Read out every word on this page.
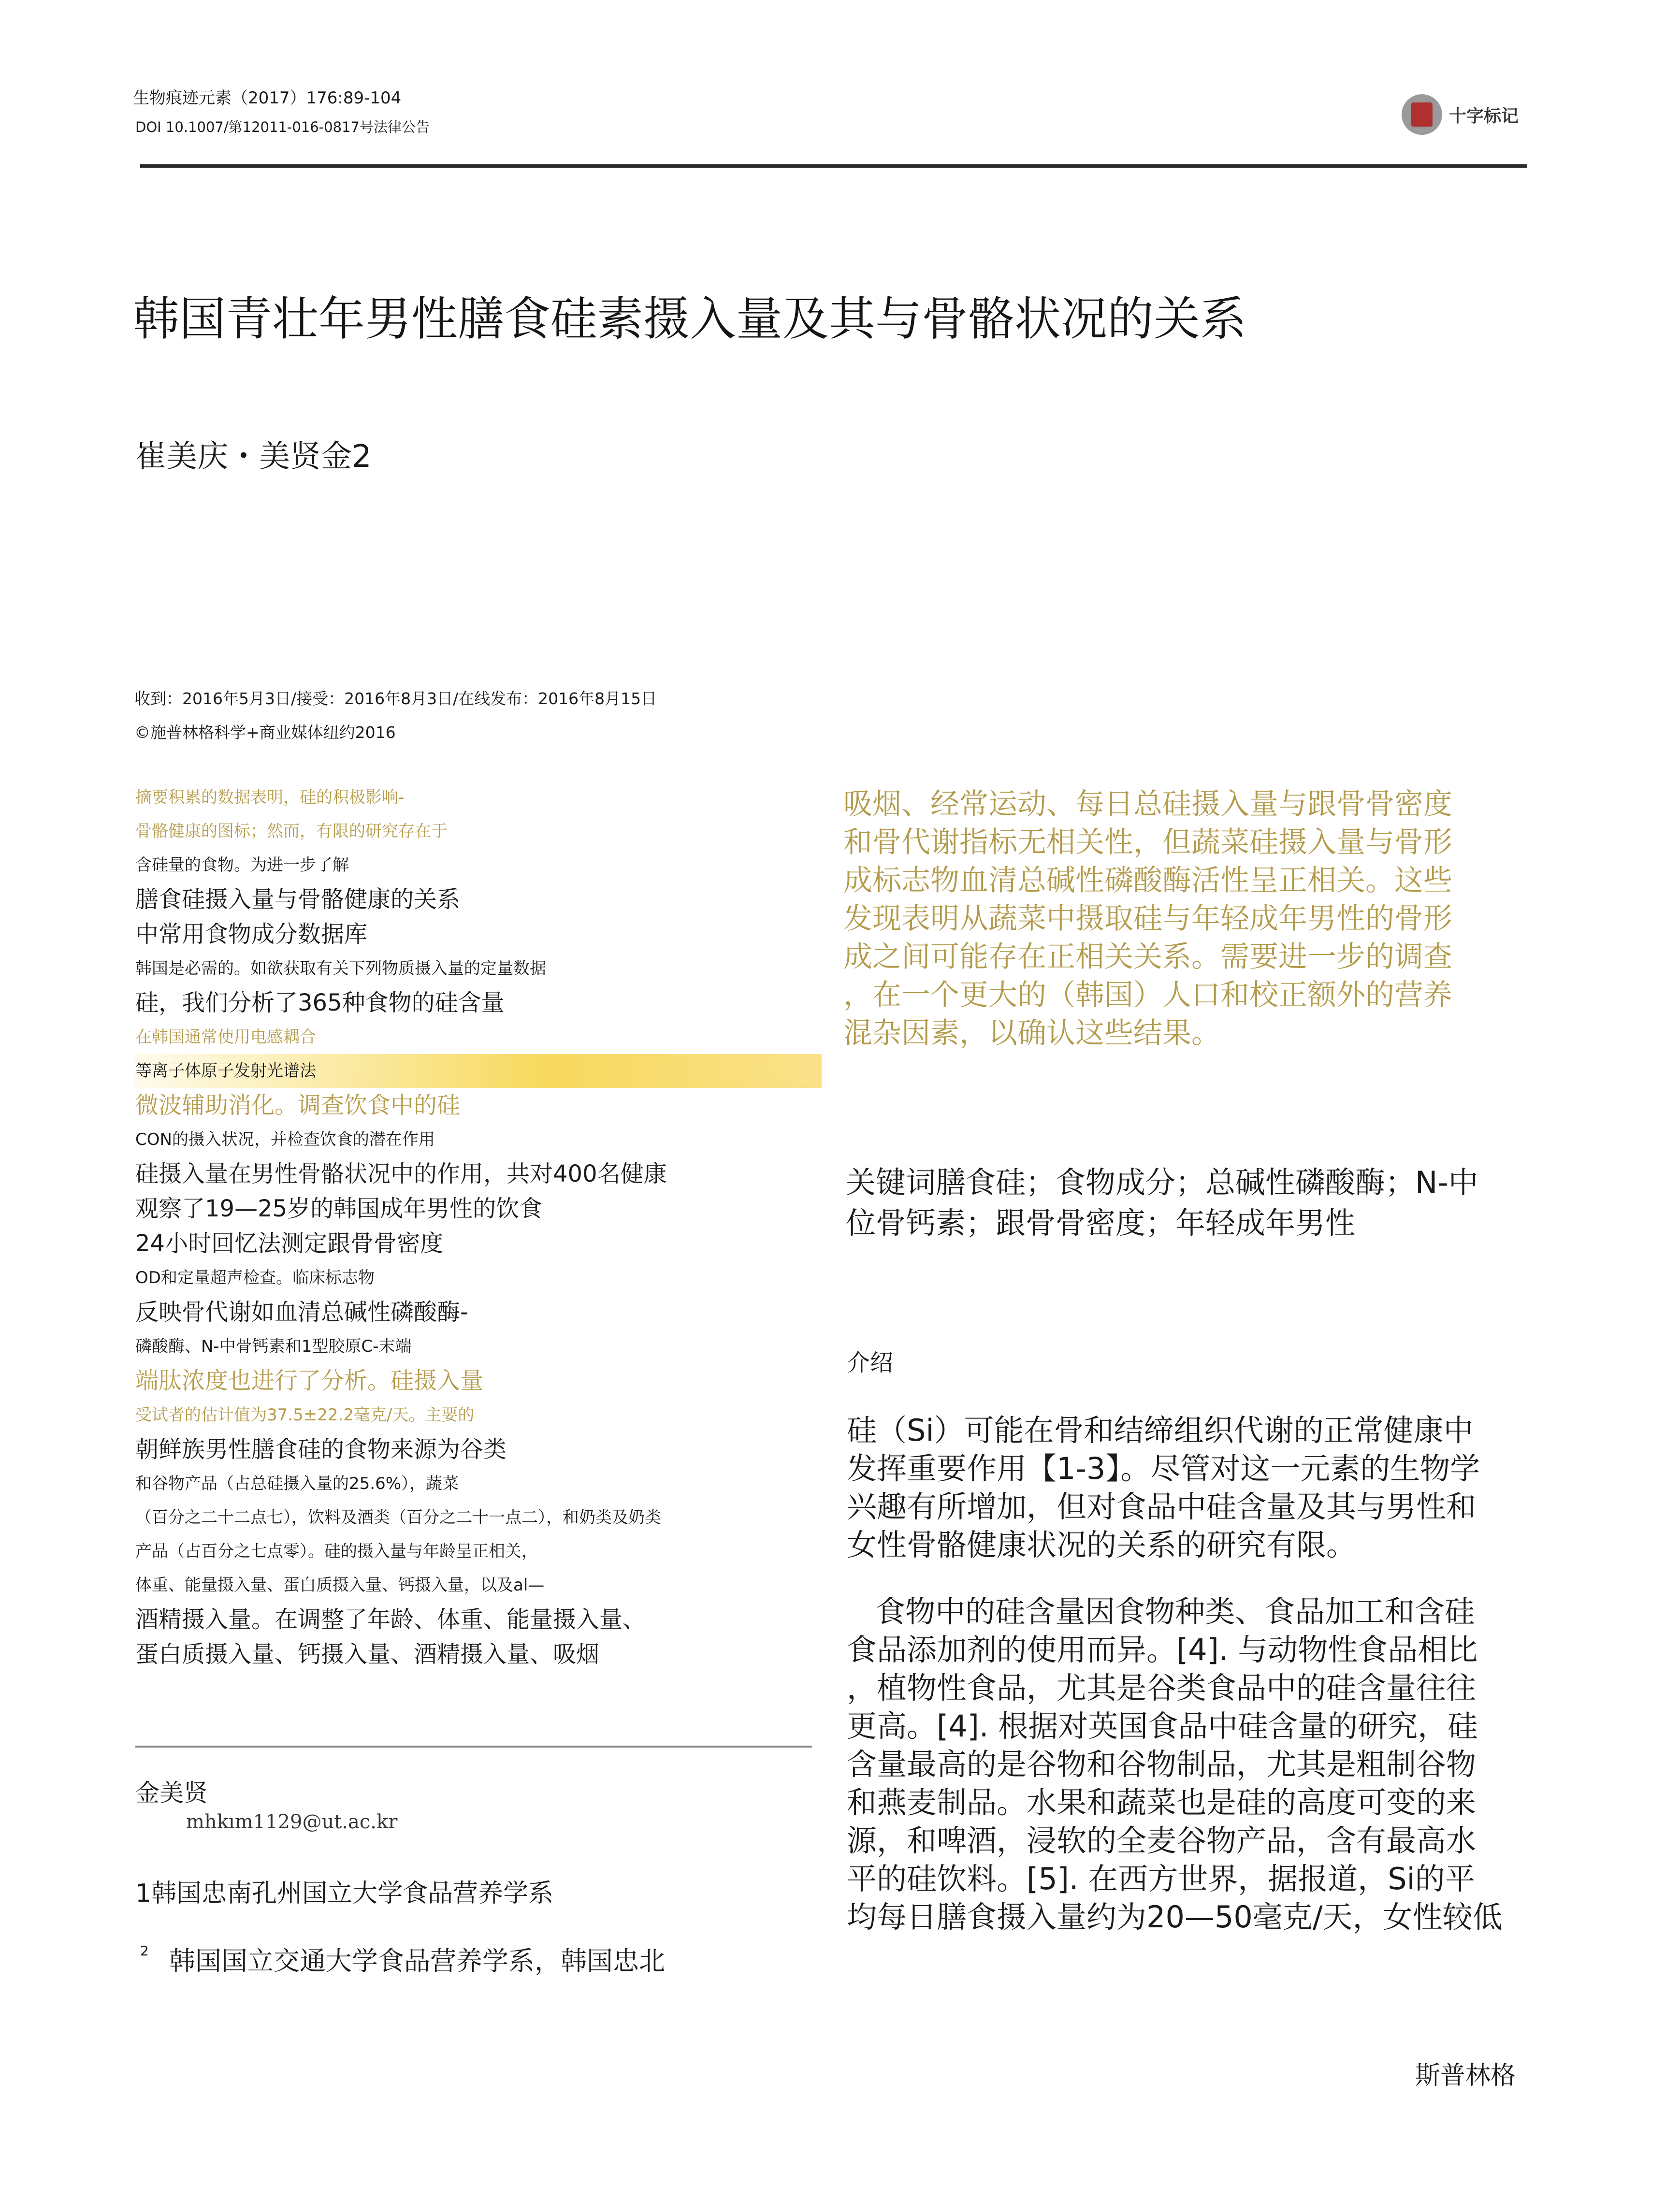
生物痕迹元素（2017）176:89-104
DOI 10.1007/第12011-016-0817号法律公告
十字标记
韩国青壮年男性膳食硅素摄入量及其与骨骼状况的关系
崔美庆・美贤金2
收到：2016年5月3日/接受：2016年8月3日/在线发布：2016年8月15日
©施普林格科学+商业媒体纽约2016

摘要积累的数据表明，硅的积极影响-

骨骼健康的图标；然而，有限的研究存在于

含硅量的食物。为进一步了解

膳食硅摄入量与骨骼健康的关系

中常用食物成分数据库

韩国是必需的。如欲获取有关下列物质摄入量的定量数据

硅，我们分析了365种食物的硅含量

在韩国通常使用电感耦合

等离子体原子发射光谱法

微波辅助消化。调查饮食中的硅

CON的摄入状况，并检查饮食的潜在作用

硅摄入量在男性骨骼状况中的作用，共对400名健康

观察了19—25岁的韩国成年男性的饮食

24小时回忆法测定跟骨骨密度

OD和定量超声检查。临床标志物

反映骨代谢如血清总碱性磷酸酶-

磷酸酶、N-中骨钙素和1型胶原C-末端

端肽浓度也进行了分析。硅摄入量

受试者的估计值为37.5±22.2毫克/天。主要的

朝鲜族男性膳食硅的食物来源为谷类

和谷物产品（占总硅摄入量的25.6%），蔬菜

（百分之二十二点七），饮料及酒类（百分之二十一点二），和奶类及奶类

产品（占百分之七点零）。硅的摄入量与年龄呈正相关，

体重、能量摄入量、蛋白质摄入量、钙摄入量，以及al—

酒精摄入量。在调整了年龄、体重、能量摄入量、

蛋白质摄入量、钙摄入量、酒精摄入量、吸烟

金美贤
mhkım1129@ut.ac.kr
1韩国忠南孔州国立大学食品营养学系
2 韩国国立交通大学食品营养学系，韩国忠北

吸烟、经常运动、每日总硅摄入量与跟骨骨密度

和骨代谢指标无相关性，但蔬菜硅摄入量与骨形

成标志物血清总碱性磷酸酶活性呈正相关。这些

发现表明从蔬菜中摄取硅与年轻成年男性的骨形

成之间可能存在正相关关系。需要进一步的调查

，在一个更大的（韩国）人口和校正额外的营养

混杂因素，以确认这些结果。

关键词膳食硅；食物成分；总碱性磷酸酶；N-中

位骨钙素；跟骨骨密度；年轻成年男性

介绍

硅（Si）可能在骨和结缔组织代谢的正常健康中

发挥重要作用【1-3】。尽管对这一元素的生物学

兴趣有所增加，但对食品中硅含量及其与男性和

女性骨骼健康状况的关系的研究有限。

食物中的硅含量因食物种类、食品加工和含硅

食品添加剂的使用而异。[4]. 与动物性食品相比

，植物性食品，尤其是谷类食品中的硅含量往往

更高。[4]. 根据对英国食品中硅含量的研究，硅

含量最高的是谷物和谷物制品，尤其是粗制谷物

和燕麦制品。水果和蔬菜也是硅的高度可变的来

源，和啤酒，浸软的全麦谷物产品，含有最高水

平的硅饮料。[5]. 在西方世界，据报道，Si的平

均每日膳食摄入量约为20—50毫克/天，女性较低

斯普林格
